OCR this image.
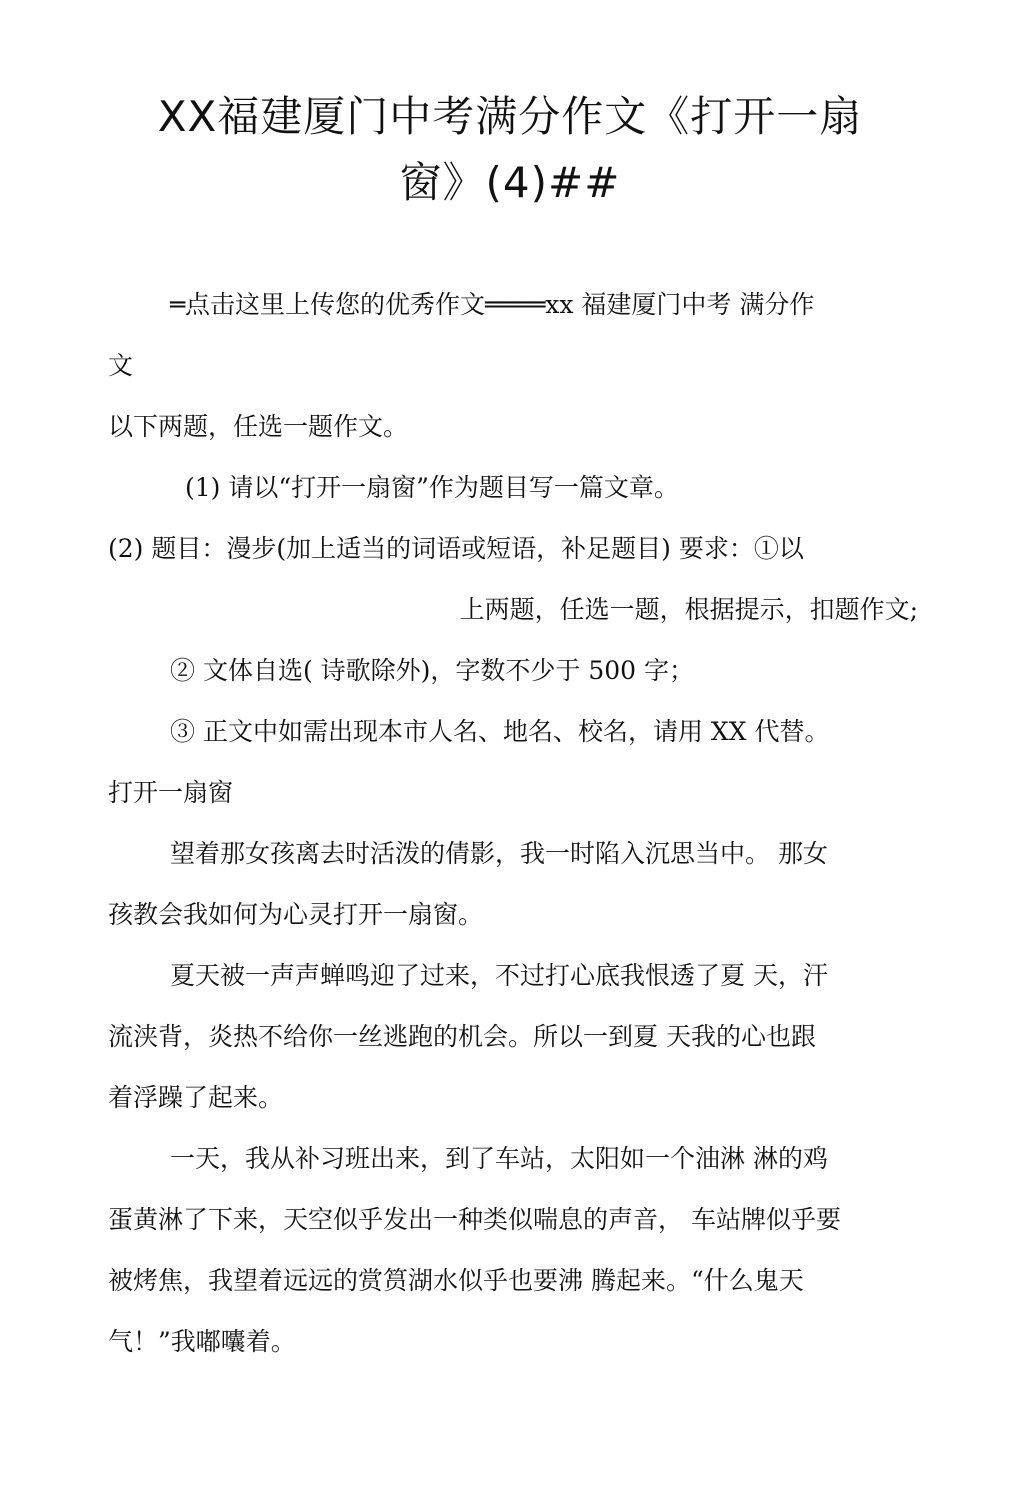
XX福建厦门中考满分作文《打开一扇
窗》(4)##

═点击这里上传您的优秀作文════xx 福建厦门中考 满分作

文

以下两题，任选一题作文。

(1) 请以“打开一扇窗”作为题目写一篇文章。

(2) 题目：漫步(加上适当的词语或短语，补足题目) 要求：①以

上两题，任选一题，根据提示，扣题作文;

② 文体自选( 诗歌除外)，字数不少于 500 字；

③ 正文中如需出现本市人名、地名、校名，请用 XX 代替。

打开一扇窗

望着那女孩离去时活泼的倩影，我一时陷入沉思当中。 那女

孩教会我如何为心灵打开一扇窗。

夏天被一声声蝉鸣迎了过来，不过打心底我恨透了夏 天，汗

流浃背，炎热不给你一丝逃跑的机会。所以一到夏 天我的心也跟

着浮躁了起来。

一天，我从补习班出来，到了车站，太阳如一个油淋 淋的鸡

蛋黄淋了下来，天空似乎发出一种类似喘息的声音， 车站牌似乎要

被烤焦，我望着远远的赏筼湖水似乎也要沸 腾起来。“什么鬼天

气！”我嘟囔着。
